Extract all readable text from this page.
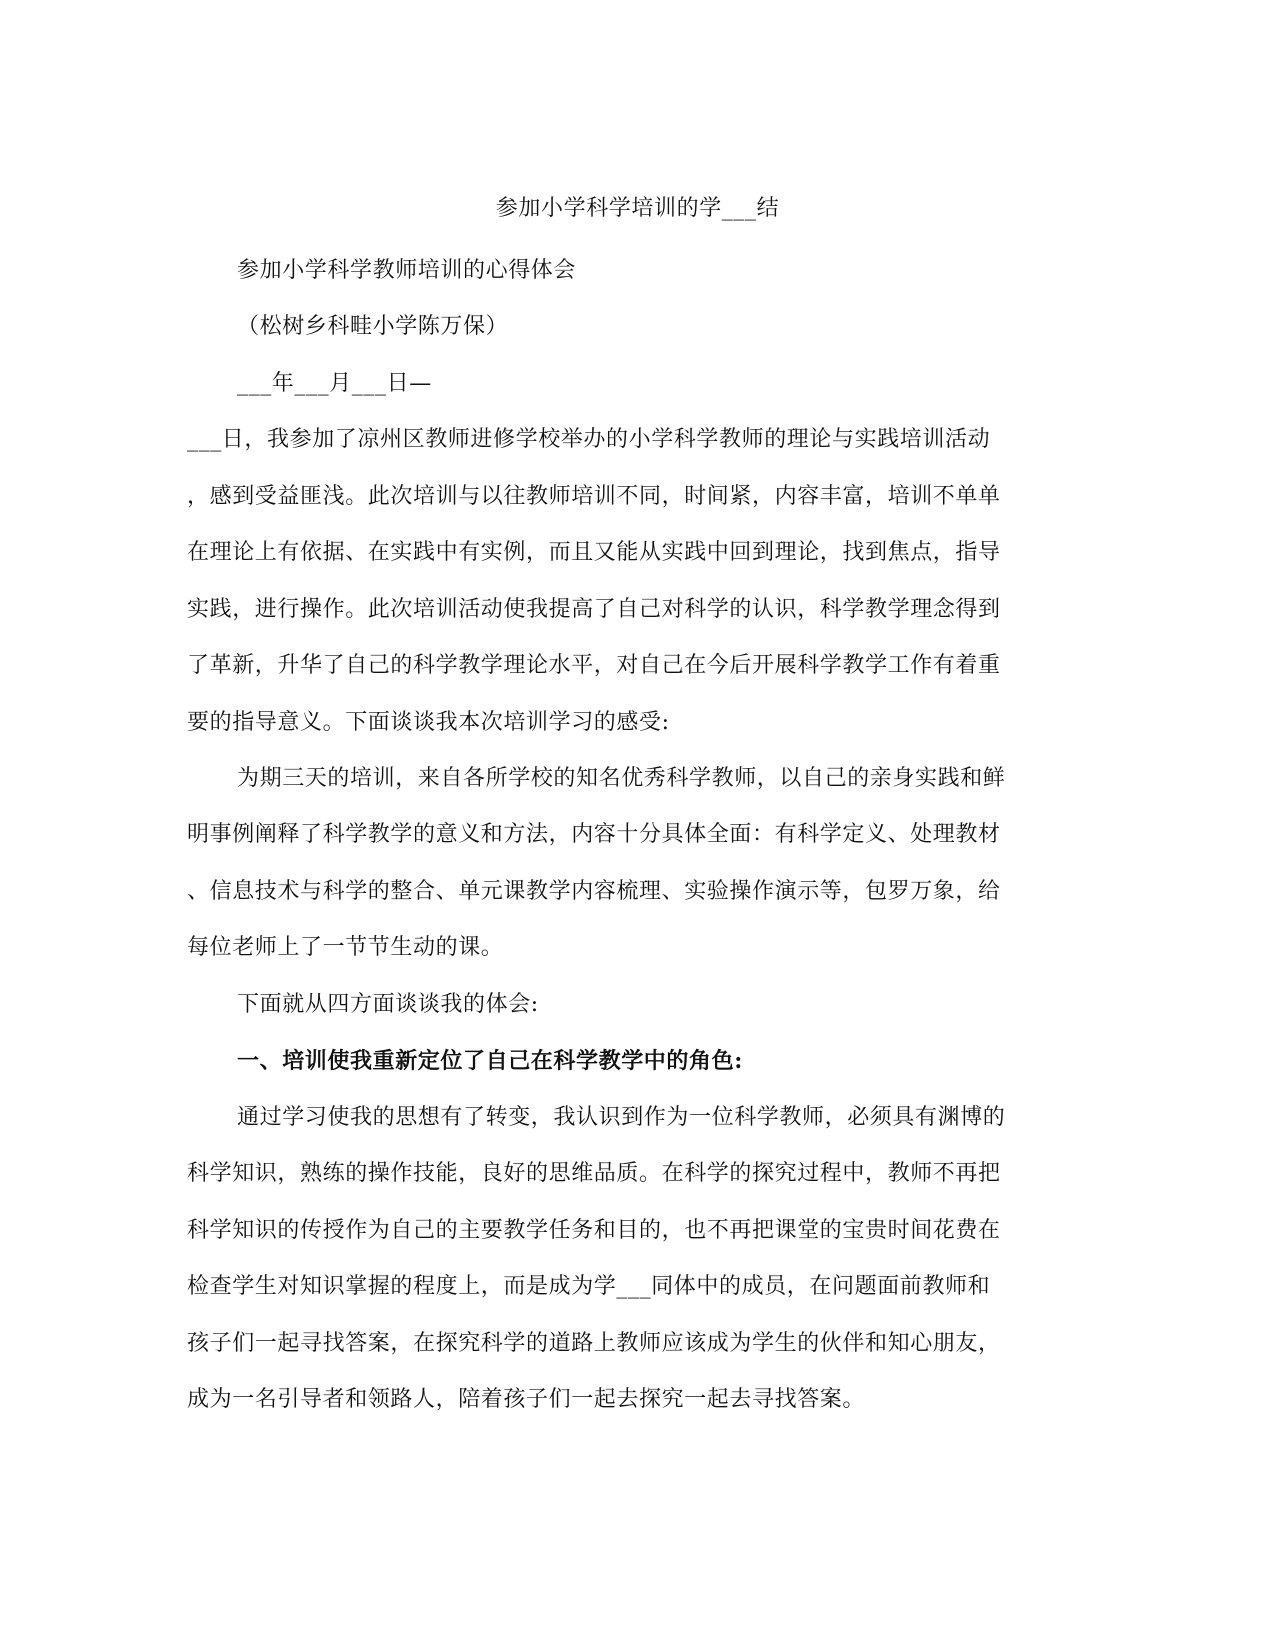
参加小学科学培训的学___结
参加小学科学教师培训的心得体会
（松树乡科畦小学陈万保）
___年___月___日—
___日，我参加了凉州区教师进修学校举办的小学科学教师的理论与实践培训活动
，感到受益匪浅。此次培训与以往教师培训不同，时间紧，内容丰富，培训不单单
在理论上有依据、在实践中有实例，而且又能从实践中回到理论，找到焦点，指导
实践，进行操作。此次培训活动使我提高了自己对科学的认识，科学教学理念得到
了革新，升华了自己的科学教学理论水平，对自己在今后开展科学教学工作有着重
要的指导意义。下面谈谈我本次培训学习的感受:
为期三天的培训，来自各所学校的知名优秀科学教师，以自己的亲身实践和鲜
明事例阐释了科学教学的意义和方法，内容十分具体全面：有科学定义、处理教材
、信息技术与科学的整合、单元课教学内容梳理、实验操作演示等，包罗万象，给
每位老师上了一节节生动的课。
下面就从四方面谈谈我的体会:
一、培训使我重新定位了自己在科学教学中的角色:
通过学习使我的思想有了转变，我认识到作为一位科学教师，必须具有渊博的
科学知识，熟练的操作技能，良好的思维品质。在科学的探究过程中，教师不再把
科学知识的传授作为自己的主要教学任务和目的，也不再把课堂的宝贵时间花费在
检查学生对知识掌握的程度上，而是成为学___同体中的成员，在问题面前教师和
孩子们一起寻找答案，在探究科学的道路上教师应该成为学生的伙伴和知心朋友，
成为一名引导者和领路人，陪着孩子们一起去探究一起去寻找答案。
